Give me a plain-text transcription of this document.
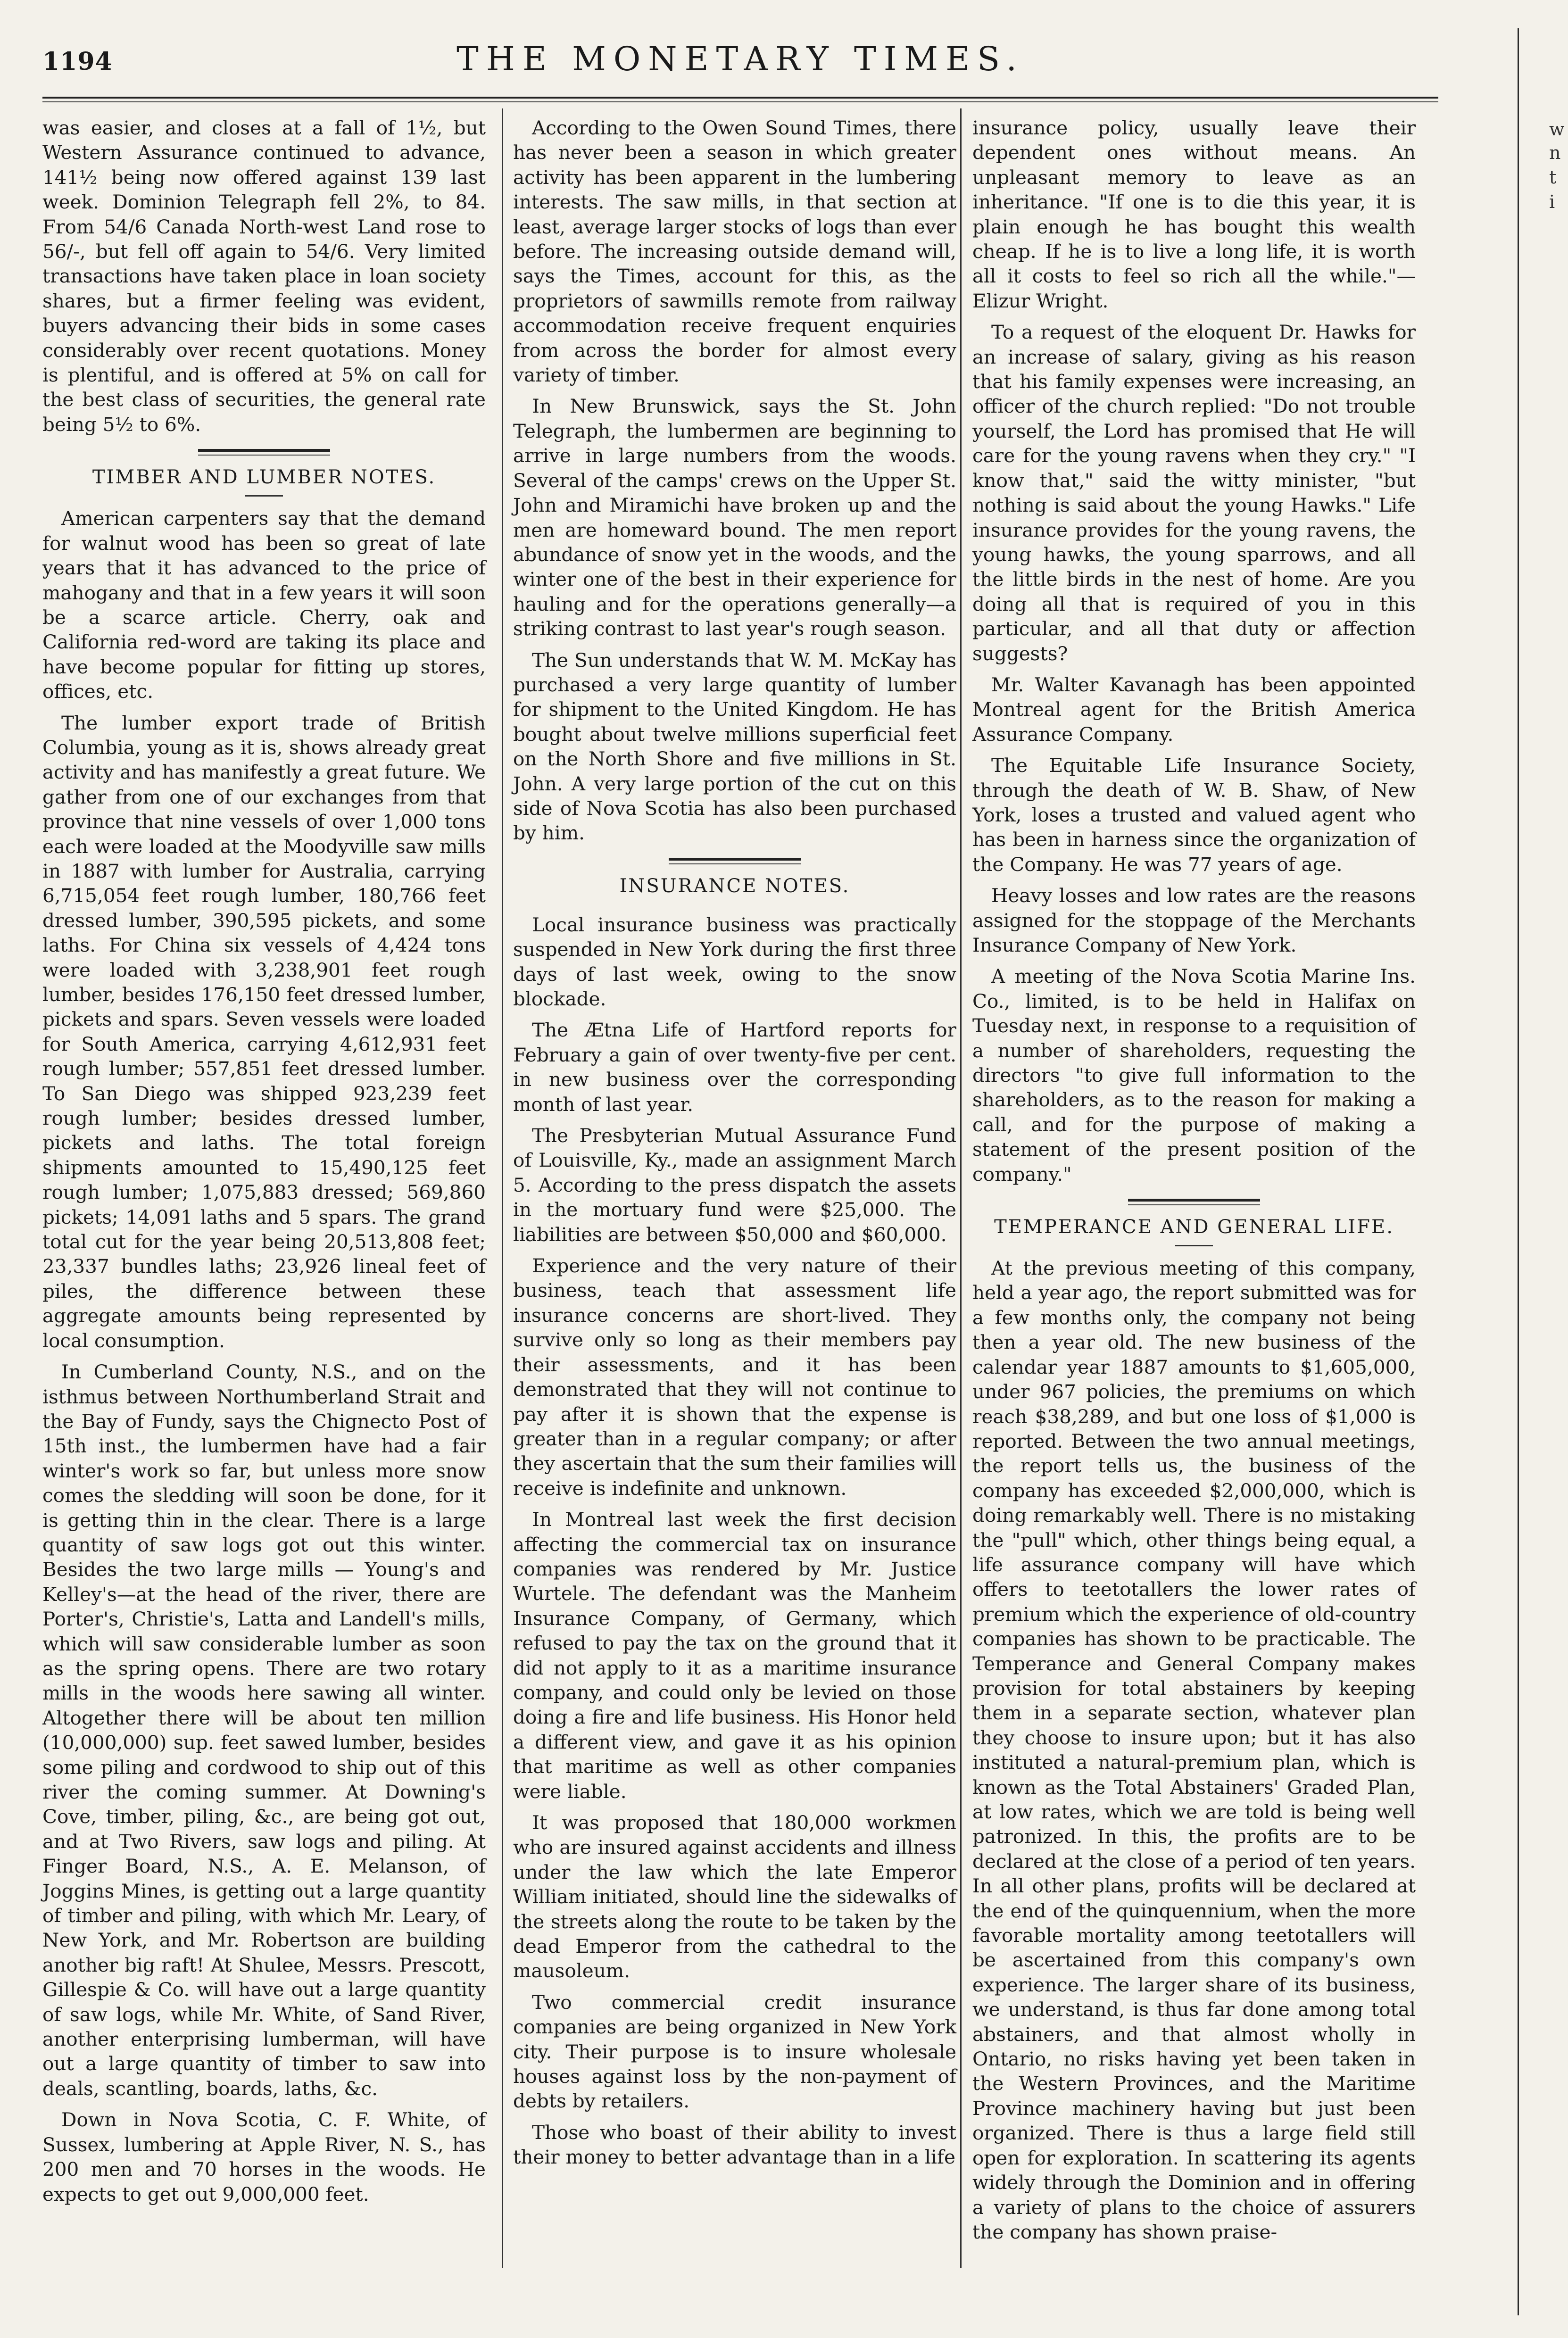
1194	THE MONETARY TIMES.

was easier, and closes at a fall of 1½, but Western Assurance continued to advance, 141½ being now offered against 139 last week. Dominion Telegraph fell 2%, to 84. From 54/6 Canada North-west Land rose to 56/-, but fell off again to 54/6. Very limited transactions have taken place in loan society shares, but a firmer feeling was evident, buyers advancing their bids in some cases considerably over recent quotations. Money is plentiful, and is offered at 5% on call for the best class of securities, the general rate being 5½ to 6%.

TIMBER AND LUMBER NOTES.

American carpenters say that the demand for walnut wood has been so great of late years that it has advanced to the price of mahogany and that in a few years it will soon be a scarce article. Cherry, oak and California red-word are taking its place and have become popular for fitting up stores, offices, etc.

The lumber export trade of British Columbia, young as it is, shows already great activity and has manifestly a great future. We gather from one of our exchanges from that province that nine vessels of over 1,000 tons each were loaded at the Moodyville saw mills in 1887 with lumber for Australia, carrying 6,715,054 feet rough lumber, 180,766 feet dressed lumber, 390,595 pickets, and some laths. For China six vessels of 4,424 tons were loaded with 3,238,901 feet rough lumber, besides 176,150 feet dressed lumber, pickets and spars. Seven vessels were loaded for South America, carrying 4,612,931 feet rough lumber; 557,851 feet dressed lumber. To San Diego was shipped 923,239 feet rough lumber; besides dressed lumber, pickets and laths. The total foreign shipments amounted to 15,490,125 feet rough lumber; 1,075,883 dressed; 569,860 pickets; 14,091 laths and 5 spars. The grand total cut for the year being 20,513,808 feet; 23,337 bundles laths; 23,926 lineal feet of piles, the difference between these aggregate amounts being represented by local consumption.

In Cumberland County, N.S., and on the isthmus between Northumberland Strait and the Bay of Fundy, says the Chignecto Post of 15th inst., the lumbermen have had a fair winter's work so far, but unless more snow comes the sledding will soon be done, for it is getting thin in the clear. There is a large quantity of saw logs got out this winter. Besides the two large mills — Young's and Kelley's—at the head of the river, there are Porter's, Christie's, Latta and Landell's mills, which will saw considerable lumber as soon as the spring opens. There are two rotary mills in the woods here sawing all winter. Altogether there will be about ten million (10,000,000) sup. feet sawed lumber, besides some piling and cordwood to ship out of this river the coming summer. At Downing's Cove, timber, piling, &c., are being got out, and at Two Rivers, saw logs and piling. At Finger Board, N.S., A. E. Melanson, of Joggins Mines, is getting out a large quantity of timber and piling, with which Mr. Leary, of New York, and Mr. Robertson are building another big raft! At Shulee, Messrs. Prescott, Gillespie & Co. will have out a large quantity of saw logs, while Mr. White, of Sand River, another enterprising lumberman, will have out a large quantity of timber to saw into deals, scantling, boards, laths, &c.

Down in Nova Scotia, C. F. White, of Sussex, lumbering at Apple River, N. S., has 200 men and 70 horses in the woods. He expects to get out 9,000,000 feet.

According to the Owen Sound Times, there has never been a season in which greater activity has been apparent in the lumbering interests. The saw mills, in that section at least, average larger stocks of logs than ever before. The increasing outside demand will, says the Times, account for this, as the proprietors of sawmills remote from railway accommodation receive frequent enquiries from across the border for almost every variety of timber.

In New Brunswick, says the St. John Telegraph, the lumbermen are beginning to arrive in large numbers from the woods. Several of the camps' crews on the Upper St. John and Miramichi have broken up and the men are homeward bound. The men report abundance of snow yet in the woods, and the winter one of the best in their experience for hauling and for the operations generally—a striking contrast to last year's rough season.

The Sun understands that W. M. McKay has purchased a very large quantity of lumber for shipment to the United Kingdom. He has bought about twelve millions superficial feet on the North Shore and five millions in St. John. A very large portion of the cut on this side of Nova Scotia has also been purchased by him.

INSURANCE NOTES.

Local insurance business was practically suspended in New York during the first three days of last week, owing to the snow blockade.

The Ætna Life of Hartford reports for February a gain of over twenty-five per cent. in new business over the corresponding month of last year.

The Presbyterian Mutual Assurance Fund of Louisville, Ky., made an assignment March 5. According to the press dispatch the assets in the mortuary fund were $25,000. The liabilities are between $50,000 and $60,000.

Experience and the very nature of their business, teach that assessment life insurance concerns are short-lived. They survive only so long as their members pay their assessments, and it has been demonstrated that they will not continue to pay after it is shown that the expense is greater than in a regular company; or after they ascertain that the sum their families will receive is indefinite and unknown.

In Montreal last week the first decision affecting the commercial tax on insurance companies was rendered by Mr. Justice Wurtele. The defendant was the Manheim Insurance Company, of Germany, which refused to pay the tax on the ground that it did not apply to it as a maritime insurance company, and could only be levied on those doing a fire and life business. His Honor held a different view, and gave it as his opinion that maritime as well as other companies were liable.

It was proposed that 180,000 workmen who are insured against accidents and illness under the law which the late Emperor William initiated, should line the sidewalks of the streets along the route to be taken by the dead Emperor from the cathedral to the mausoleum.

Two commercial credit insurance companies are being organized in New York city. Their purpose is to insure wholesale houses against loss by the non-payment of debts by retailers.

Those who boast of their ability to invest their money to better advantage than in a life

insurance policy, usually leave their dependent ones without means. An unpleasant memory to leave as an inheritance. "If one is to die this year, it is plain enough he has bought this wealth cheap. If he is to live a long life, it is worth all it costs to feel so rich all the while."—Elizur Wright.

To a request of the eloquent Dr. Hawks for an increase of salary, giving as his reason that his family expenses were increasing, an officer of the church replied: "Do not trouble yourself, the Lord has promised that He will care for the young ravens when they cry." "I know that," said the witty minister, "but nothing is said about the young Hawks." Life insurance provides for the young ravens, the young hawks, the young sparrows, and all the little birds in the nest of home. Are you doing all that is required of you in this particular, and all that duty or affection suggests?

Mr. Walter Kavanagh has been appointed Montreal agent for the British America Assurance Company.

The Equitable Life Insurance Society, through the death of W. B. Shaw, of New York, loses a trusted and valued agent who has been in harness since the organization of the Company. He was 77 years of age.

Heavy losses and low rates are the reasons assigned for the stoppage of the Merchants Insurance Company of New York.

A meeting of the Nova Scotia Marine Ins. Co., limited, is to be held in Halifax on Tuesday next, in response to a requisition of a number of shareholders, requesting the directors "to give full information to the shareholders, as to the reason for making a call, and for the purpose of making a statement of the present position of the company."

TEMPERANCE AND GENERAL LIFE.

At the previous meeting of this company, held a year ago, the report submitted was for a few months only, the company not being then a year old. The new business of the calendar year 1887 amounts to $1,605,000, under 967 policies, the premiums on which reach $38,289, and but one loss of $1,000 is reported. Between the two annual meetings, the report tells us, the business of the company has exceeded $2,000,000, which is doing remarkably well. There is no mistaking the "pull" which, other things being equal, a life assurance company will have which offers to teetotallers the lower rates of premium which the experience of old-country companies has shown to be practicable. The Temperance and General Company makes provision for total abstainers by keeping them in a separate section, whatever plan they choose to insure upon; but it has also instituted a natural-premium plan, which is known as the Total Abstainers' Graded Plan, at low rates, which we are told is being well patronized. In this, the profits are to be declared at the close of a period of ten years. In all other plans, profits will be declared at the end of the quinquennium, when the more favorable mortality among teetotallers will be ascertained from this company's own experience. The larger share of its business, we understand, is thus far done among total abstainers, and that almost wholly in Ontario, no risks having yet been taken in the Western Provinces, and the Maritime Province machinery having but just been organized. There is thus a large field still open for exploration. In scattering its agents widely through the Dominion and in offering a variety of plans to the choice of assurers the company has shown praise-

w
n
t
i
